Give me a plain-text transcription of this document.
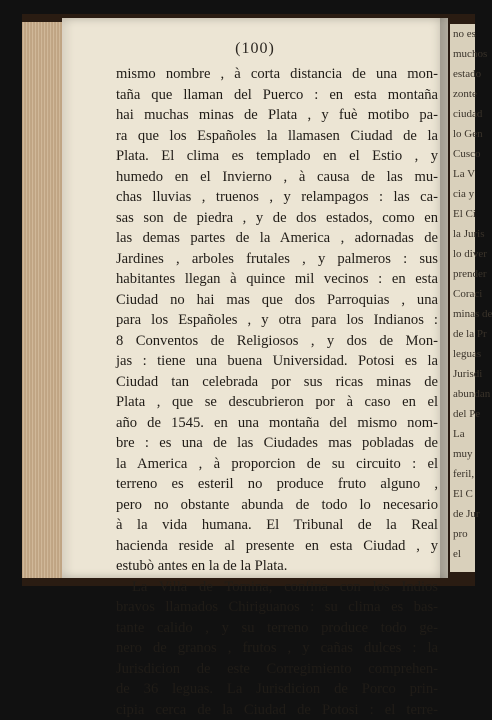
(100)
mismo nombre , à corta distancia de una mon-
taña que llaman del Puerco : en esta montaña
hai muchas minas de Plata , y fuè motibo pa-
ra que los Españoles la llamasen Ciudad de la
Plata. El clima es templado en el Estio , y
humedo en el Invierno , à causa de las mu-
chas lluvias , truenos , y relampagos : las ca-
sas son de piedra , y de dos estados, como en
las demas partes de la America , adornadas de
Jardines , arboles frutales , y palmeros : sus
habitantes llegan à quince mil vecinos : en esta
Ciudad no hai mas que dos Parroquias , una
para los Españoles , y otra para los Indianos :
8 Conventos de Religiosos , y dos de Mon-
jas : tiene una buena Universidad. Potosi es la
Ciudad tan celebrada por sus ricas minas de
Plata , que se descubrieron por à caso en el
año de 1545. en una montaña del mismo nom-
bre : es una de las Ciudades mas pobladas de
la America , à proporcion de su circuito : el
terreno es esteril no produce fruto alguno ,
pero no obstante abunda de todo lo necesario
à la vida humana. El Tribunal de la Real
hacienda reside al presente en esta Ciudad , y
estubò antes en la de la Plata.
La Villa de Tomina, confina con los Indios
bravos llamados Chiriguanos : su clima es bas-
tante calido , y su terreno produce todo ge-
nero de granos , frutos , y cañas dulces : la
Jurisdicion de este Corregimiento comprehen-
de 36 leguas. La Jurisdicion de Porco prin-
cipia cerca de la Ciudad de Potosi : el terre-
no es
muchos
estado
zonte
ciudad
lo Gen
Cusco
La V
cia y
El Ci
la Juris
lo diver
prender
Coraci
minas de
de la Pr
leguas
Jurisdi
abundan
del Pe
La
muy
feril,
El C
de Jur
pro
el
